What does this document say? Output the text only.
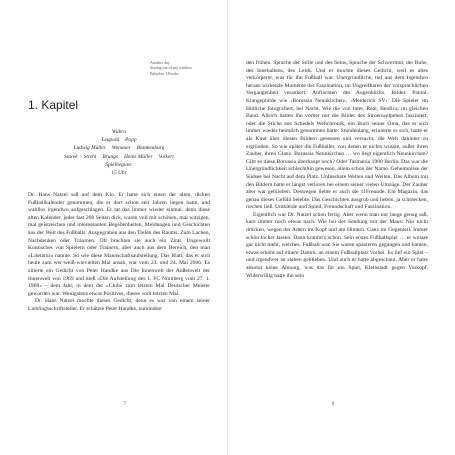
Another day
Staring out of my window
Babylon: I.Freaks
1. Kapitel
Wabra
Leupold Popp
Ludwig Müller Wenauer Blankenburg
Starek Strehl Brungs Heinz Müller Volkert
Spielbeginn:
15 Uhr

Dr. Hans Natzel saß auf dem Klo. Er hatte sich einen der alten, dicken Fußballkalender genommen, die er dort schon seit Jahren liegen hatte, und wahllos irgendwo aufgeschlagen. Er tat das immer wieder einmal, denn diese alten Kalender, jeder fast 200 Seiten dick, waren voll mit schönen, mal witzigen, mal geistreichen und interessanten Begebenheiten, Meldungen und Geschichten aus der Welt des Fußballs. Ausgegraben aus den Tiefen des Raums. Zum Lachen, Nachdenken oder Träumen. Oft brachten sie auch ein Zitat. Ungewollt Komisches von Spielern oder Trainern, aber auch aus dem Bereich, den man »Literatur« nannte. So wie diese Mannschaftsaufstellung. Das Blatt, das er sich heute zum wer-weiß-wievielten Mal ansah, war vom 23. und 24. Mai 2006. Es zitierte ein Gedicht von Peter Handke aus Die Innenwelt der Außenwelt der Innenwelt von 1969 und hieß »Die Aufstellung des 1. FC Nürnberg vom 27. 1. 1968« – dem Jahr, in dem der »Club« zum letzten Mal Deutscher Meister geworden war. Wenigstens etwas Positives, dieses vom letzten Mal.

Dr. Hans Natzel mochte dieses Gedicht, denn es war von einem seiner Lieblingsschriftsteller. Er schätzte Peter Handke, zumindest

7

den frühen. Sprache der Stille und des Seins, Sprache der Schwermut, der Ruhe, des Innehaltens, des Leids. Und er mochte dieses Gedicht, weil es alles verkörperte, was für ihn Fußball war. Unergründliche, tief aus dem Irgendwo heraus wirkende Momente der Faszination, im Ungreifbaren der vorsprachlichen Vergangenheit verankert. Auflachten des Augenblicks. Bilder. Panini. Klangepbilde wie ›Borussia Neunkirchen‹, ›Meiderich SV‹. Die Spieler im Hutliche fotografiert, bei Nacht. Wie die von Inter, Real, Benfica, im gleichen Band. Allrich hatten ihn vorher nur die Bilder des Stroenwelpeters fasziniert, oder die Stiche aus Schedels Weltchronik, ein Buch seiner Oma, das er sich immer wieder heimlich genommen hatte. Stundenlang, erinnerte er sich, hatte er als Kind über diesen Bildern gesessen und versucht, die Welt dahinter zu ergründen. So wie später die Fußballer, von denen er nichts wusste, außer ihren Zauber, ihren Glanz. Borussia Neunkirchen … wo liegt eigentlich Neunkirchen? Gibt es diese Borussia überhaupt noch? Oder Tasmania 1900 Berlin. Das war die Unergründlichkeit schlechthin gewesen, allein schon der Name. Geheimnisse der Südsee bei Nacht auf dem Platz. Unfassbare Welten und Weiten. Das Album mit den Bildern hatte er längst verloren bei einem seiner vielen Umzüge. Der Zauber aber war geblieben. Deswegen liebte er auch die 11Freunde. Ein Magazin, das genau dieses Gefühl belebte. Das Geschichten ausgrub und lieben, ja schmecken, riechen ließ. Umkleide und Spind, Freundschaft und Faszination.

Eigentlich war Dr. Natzel schon fertig. Aber wenn man nur lange genug saß, kam immer noch etwas nach. Wie bei der Sendung mit der Maus: Nur nicht drücken, wegen der Adern im Kopf und am Hintern. Ganz im Gegenteil. Immer schön locker lassen. Dann kommt's schon. Sein erstes Fußballspiel … er wusste gar nicht mehr, welches. Fußball war. Sie waren spazieren gegangen und kamen, etwas erhöht auf einem Damm, an einem Fußballplatz vorbei. Es lief ein Spiel – und irgendwer ist stehen geblieben. Und auch er hatte abgeschaut. Aber er hatte absolut keine Ahnung, was das für ein Spiel, Kleinstadt gegen Vorkopf. Widerwillig hatte ihn sein

8
